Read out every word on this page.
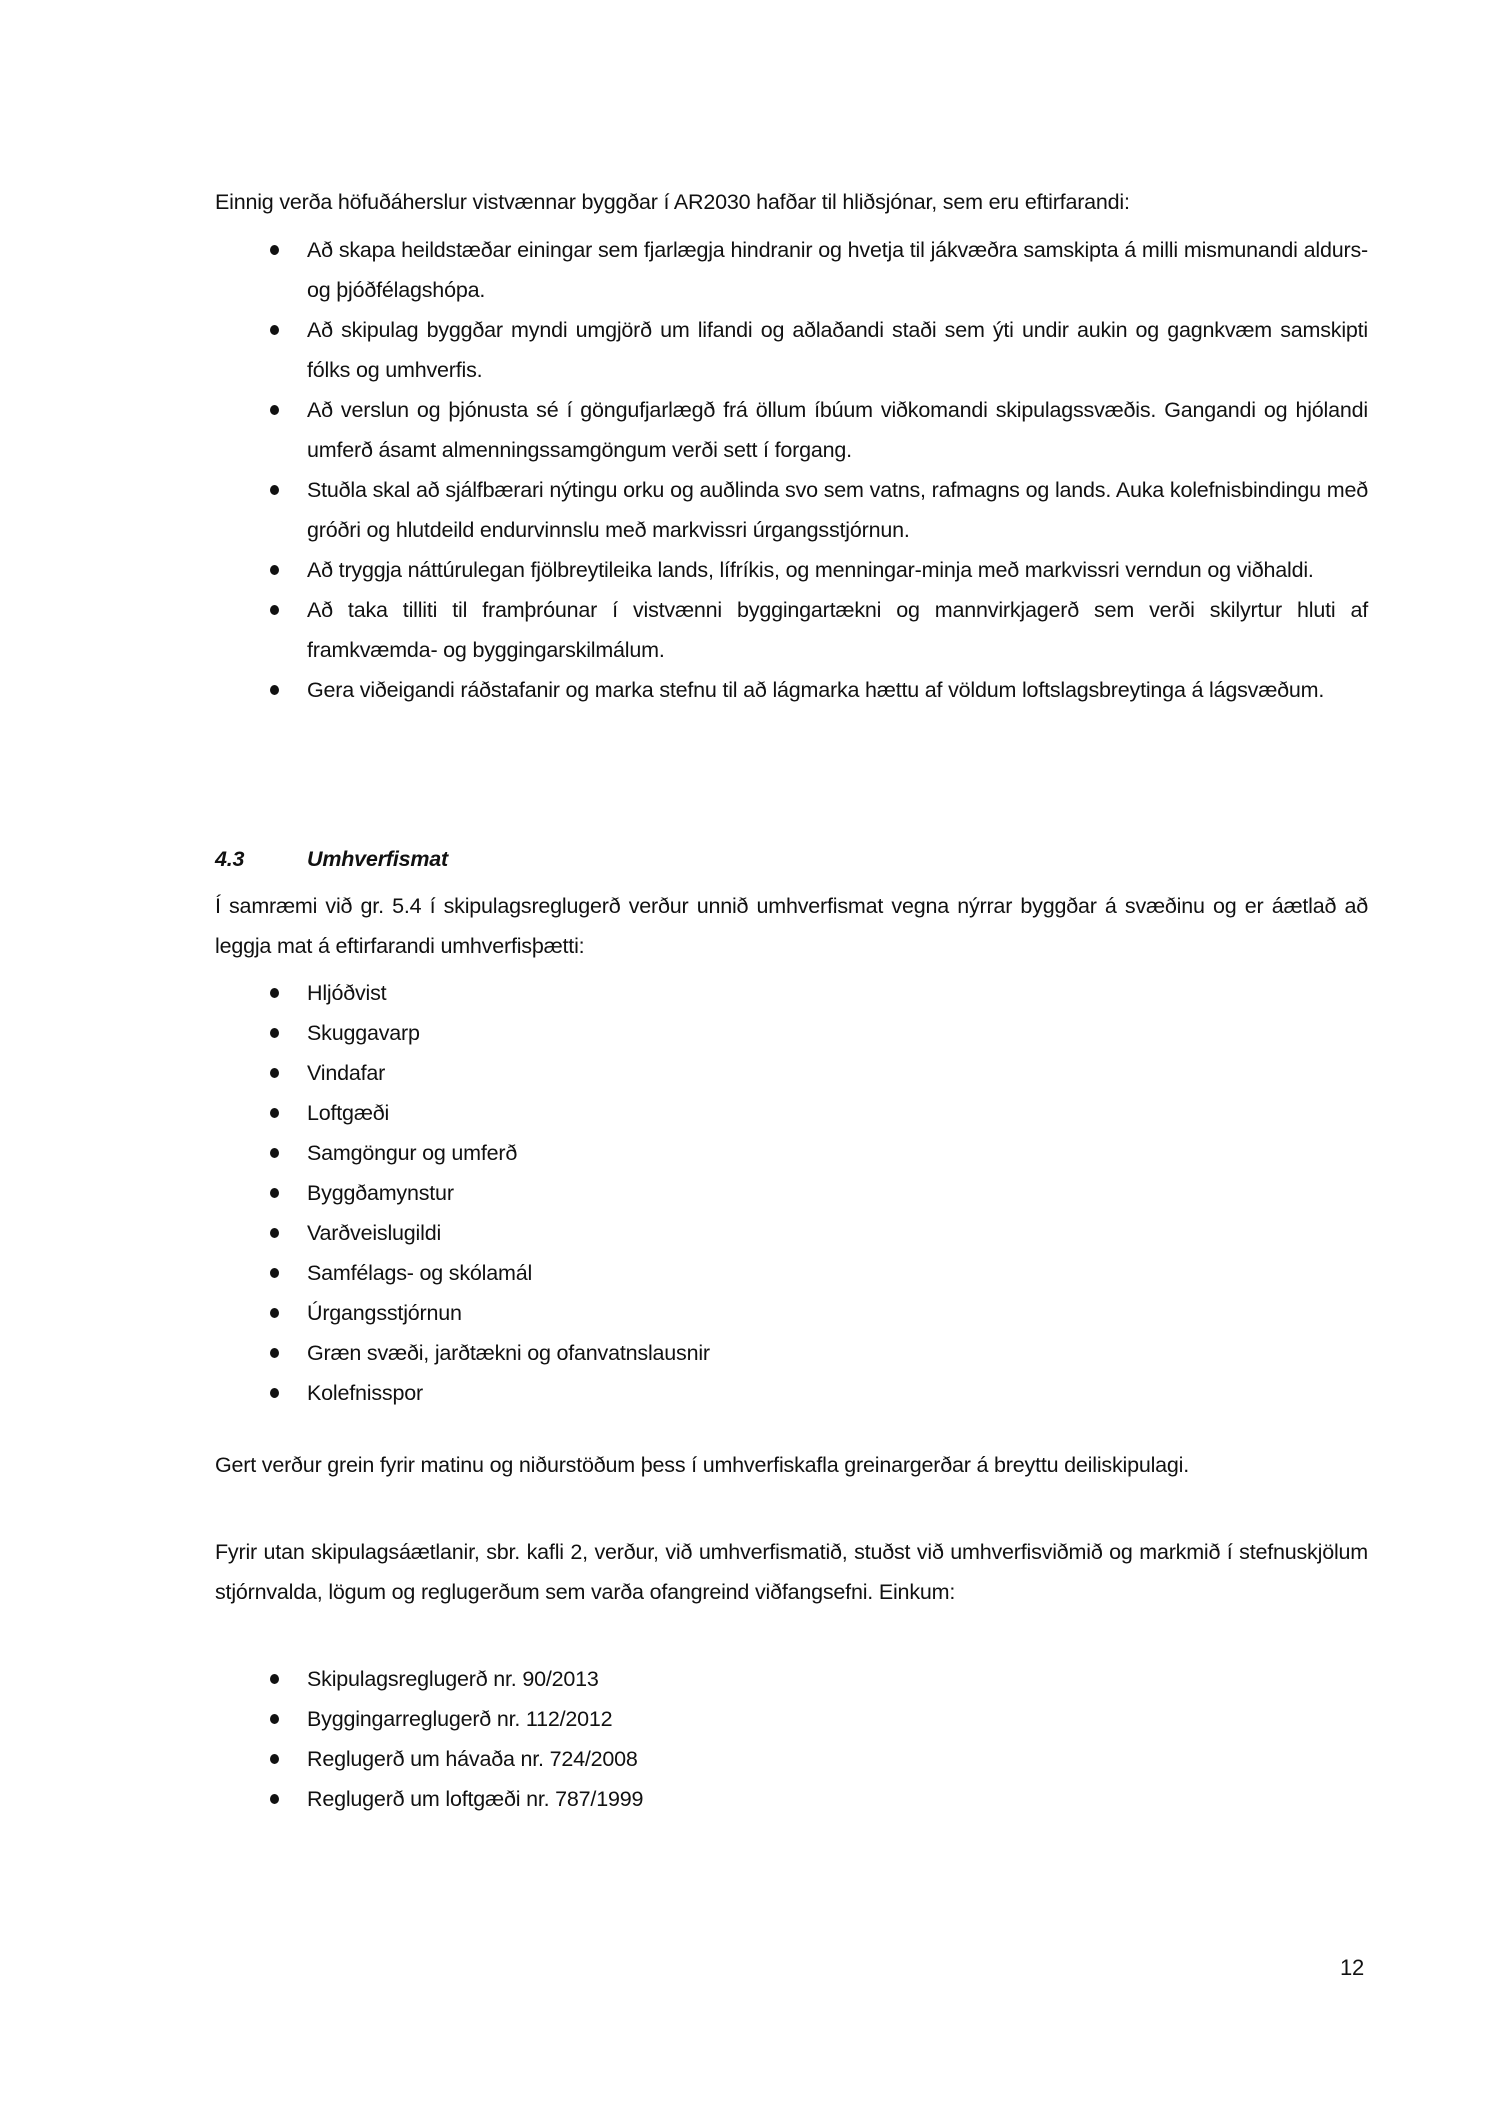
Einnig verða höfuðáherslur vistvænnar byggðar í AR2030 hafðar til hliðsjónar, sem eru eftirfarandi:

Að skapa heildstæðar einingar sem fjarlægja hindranir og hvetja til jákvæðra samskipta á milli mismunandi aldurs- og þjóðfélagshópa.
Að skipulag byggðar myndi umgjörð um lifandi og aðlaðandi staði sem ýti undir aukin og gagnkvæm samskipti fólks og umhverfis.
Að verslun og þjónusta sé í göngufjarlægð frá öllum íbúum viðkomandi skipulagssvæðis. Gangandi og hjólandi umferð ásamt almenningssamgöngum verði sett í forgang.
Stuðla skal að sjálfbærari nýtingu orku og auðlinda svo sem vatns, rafmagns og lands. Auka kolefnisbindingu með gróðri og hlutdeild endurvinnslu með markvissri úrgangsstjórnun.
Að tryggja náttúrulegan fjölbreytileika lands, lífríkis, og menningar-minja með markvissri verndun og viðhaldi.
Að taka tilliti til framþróunar í vistvænni byggingartækni og mannvirkjagerð sem verði skilyrtur hluti af framkvæmda- og byggingarskilmálum.
Gera viðeigandi ráðstafanir og marka stefnu til að lágmarka hættu af völdum loftslagsbreytinga á lágsvæðum.
4.3	Umhverfismat

Í samræmi við gr. 5.4 í skipulagsreglugerð verður unnið umhverfismat vegna nýrrar byggðar á svæðinu og er áætlað að leggja mat á eftirfarandi umhverfisþætti:

Hljóðvist
Skuggavarp
Vindafar
Loftgæði
Samgöngur og umferð
Byggðamynstur
Varðveislugildi
Samfélags- og skólamál
Úrgangsstjórnun
Græn svæði, jarðtækni og ofanvatnslausnir
Kolefnisspor

Gert verður grein fyrir matinu og niðurstöðum þess í umhverfiskafla greinargerðar á breyttu deiliskipulagi.

Fyrir utan skipulagsáætlanir, sbr. kafli 2, verður, við umhverfismatið, stuðst við umhverfisviðmið og markmið í stefnuskjölum stjórnvalda, lögum og reglugerðum sem varða ofangreind viðfangsefni. Einkum:

Skipulagsreglugerð nr. 90/2013
Byggingarreglugerð nr. 112/2012
Reglugerð um hávaða nr. 724/2008
Reglugerð um loftgæði nr. 787/1999
12
